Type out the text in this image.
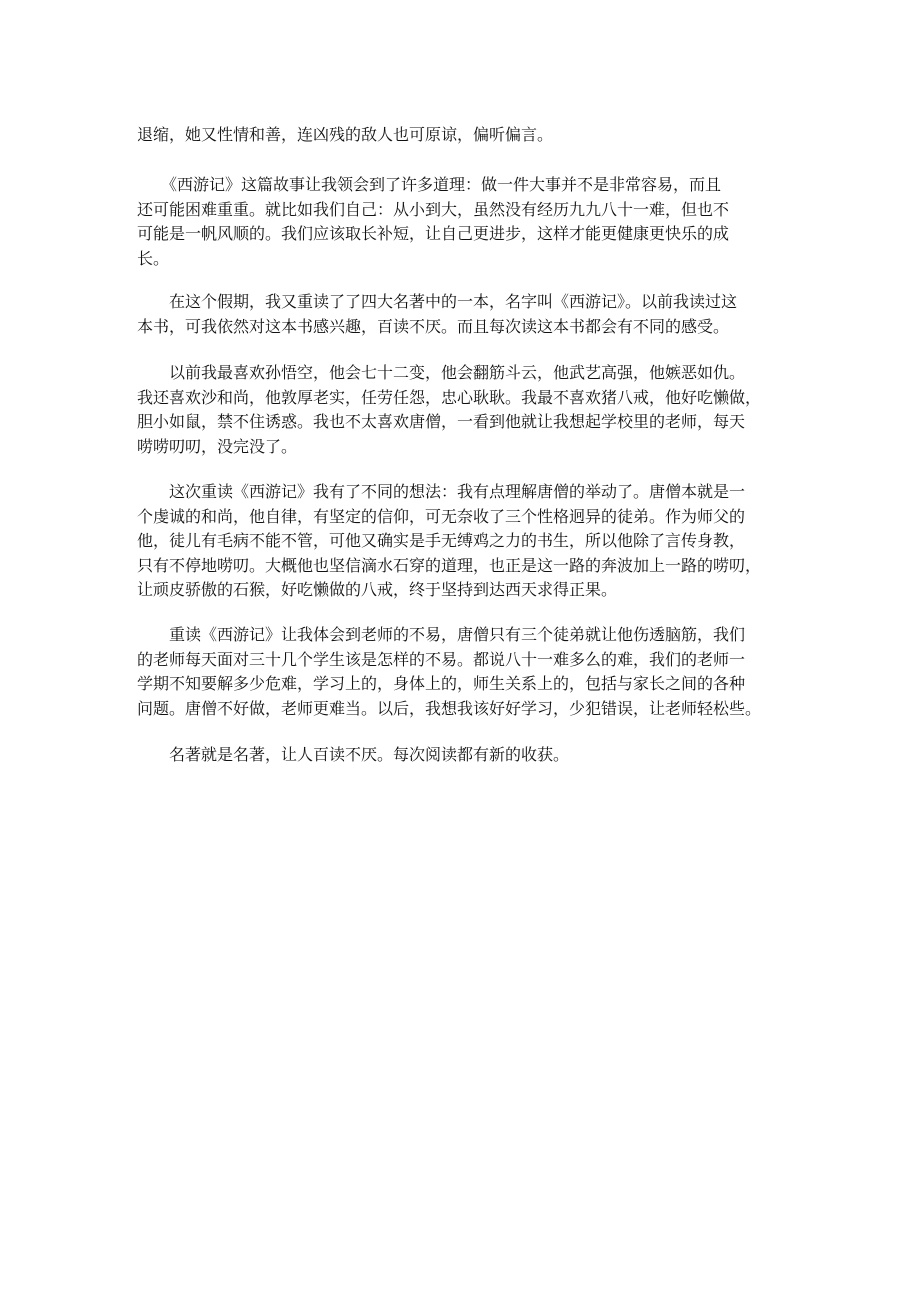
退缩，她又性情和善，连凶残的敌人也可原谅，偏听偏言。
　　《西游记》这篇故事让我领会到了许多道理：做一件大事并不是非常容易，而且
还可能困难重重。就比如我们自己：从小到大，虽然没有经历九九八十一难，但也不
可能是一帆风顺的。我们应该取长补短，让自己更进步，这样才能更健康更快乐的成
长。
　　在这个假期，我又重读了了四大名著中的一本，名字叫《西游记》。以前我读过这
本书，可我依然对这本书感兴趣，百读不厌。而且每次读这本书都会有不同的感受。
　　以前我最喜欢孙悟空，他会七十二变，他会翻筋斗云，他武艺高强，他嫉恶如仇。
我还喜欢沙和尚，他敦厚老实，任劳任怨，忠心耿耿。我最不喜欢猪八戒，他好吃懒做，
胆小如鼠，禁不住诱惑。我也不太喜欢唐僧，一看到他就让我想起学校里的老师，每天
唠唠叨叨，没完没了。
　　这次重读《西游记》我有了不同的想法：我有点理解唐僧的举动了。唐僧本就是一
个虔诚的和尚，他自律，有坚定的信仰，可无奈收了三个性格迥异的徒弟。作为师父的
他，徒儿有毛病不能不管，可他又确实是手无缚鸡之力的书生，所以他除了言传身教，
只有不停地唠叨。大概他也坚信滴水石穿的道理，也正是这一路的奔波加上一路的唠叨，
让顽皮骄傲的石猴，好吃懒做的八戒，终于坚持到达西天求得正果。
　　重读《西游记》让我体会到老师的不易，唐僧只有三个徒弟就让他伤透脑筋，我们
的老师每天面对三十几个学生该是怎样的不易。都说八十一难多么的难，我们的老师一
学期不知要解多少危难，学习上的，身体上的，师生关系上的，包括与家长之间的各种
问题。唐僧不好做，老师更难当。以后，我想我该好好学习，少犯错误，让老师轻松些。
　　名著就是名著，让人百读不厌。每次阅读都有新的收获。
